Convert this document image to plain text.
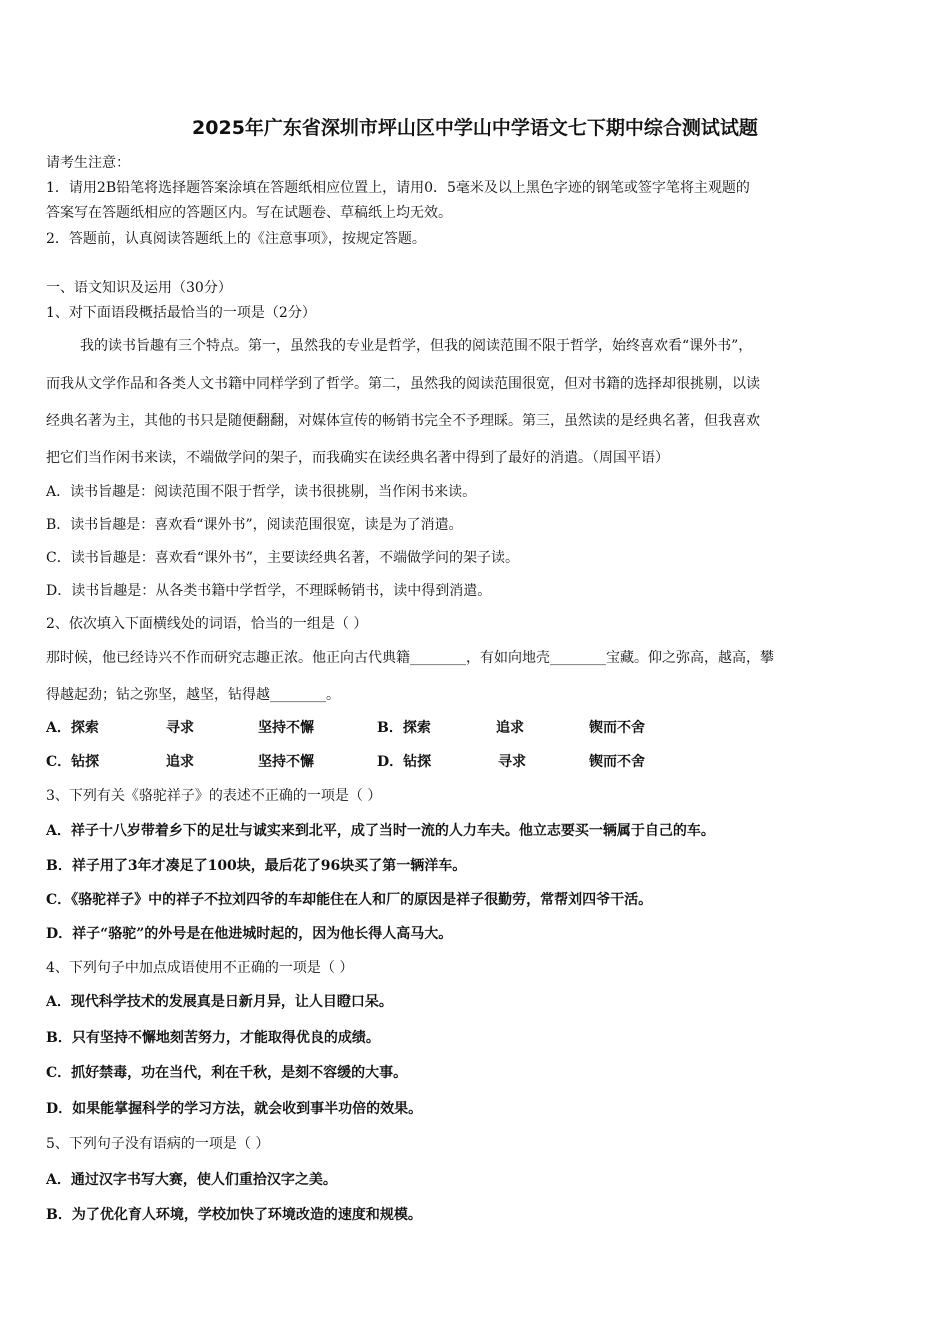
2025年广东省深圳市坪山区中学山中学语文七下期中综合测试试题
请考生注意：
1．请用2B铅笔将选择题答案涂填在答题纸相应位置上，请用0．5毫米及以上黑色字迹的钢笔或签字笔将主观题的
答案写在答题纸相应的答题区内。写在试题卷、草稿纸上均无效。
2．答题前，认真阅读答题纸上的《注意事项》，按规定答题。
一、语文知识及运用（30分）
1、对下面语段概括最恰当的一项是（2分）
我的读书旨趣有三个特点。第一，虽然我的专业是哲学，但我的阅读范围不限于哲学，始终喜欢看“课外书”，
而我从文学作品和各类人文书籍中同样学到了哲学。第二，虽然我的阅读范围很宽，但对书籍的选择却很挑剔，以读
经典名著为主，其他的书只是随便翻翻，对媒体宣传的畅销书完全不予理睬。第三，虽然读的是经典名著，但我喜欢
把它们当作闲书来读，不端做学问的架子，而我确实在读经典名著中得到了最好的消遣。（周国平语）
A．读书旨趣是：阅读范围不限于哲学，读书很挑剔，当作闲书来读。
B．读书旨趣是：喜欢看“课外书”，阅读范围很宽，读是为了消遣。
C．读书旨趣是：喜欢看“课外书”，主要读经典名著，不端做学问的架子读。
D．读书旨趣是：从各类书籍中学哲学，不理睬畅销书，读中得到消遣。
2、依次填入下面横线处的词语，恰当的一组是（ ）
那时候，他已经诗兴不作而研究志趣正浓。他正向古代典籍________，有如向地壳________宝藏。仰之弥高，越高，攀
得越起劲；钻之弥坚，越坚，钻得越________。
A．探索	寻求	坚持不懈	B．探索	追求	锲而不舍
C．钻探	追求	坚持不懈	D．钻探	寻求	锲而不舍
3、下列有关《骆驼祥子》的表述不正确的一项是（ ）
A．祥子十八岁带着乡下的足壮与诚实来到北平，成了当时一流的人力车夫。他立志要买一辆属于自己的车。
B．祥子用了3年才凑足了100块，最后花了96块买了第一辆洋车。
C．《骆驼祥子》中的祥子不拉刘四爷的车却能住在人和厂的原因是祥子很勤劳，常帮刘四爷干活。
D．祥子“骆驼”的外号是在他进城时起的，因为他长得人高马大。
4、下列句子中加点成语使用不正确的一项是（ ）
A．现代科学技术的发展真是日新月异，让人目瞪口呆。
B．只有坚持不懈地刻苦努力，才能取得优良的成绩。
C．抓好禁毒，功在当代，利在千秋，是刻不容缓的大事。
D．如果能掌握科学的学习方法，就会收到事半功倍的效果。
5、下列句子没有语病的一项是（ ）
A．通过汉字书写大赛，使人们重拾汉字之美。
B．为了优化育人环境，学校加快了环境改造的速度和规模。
